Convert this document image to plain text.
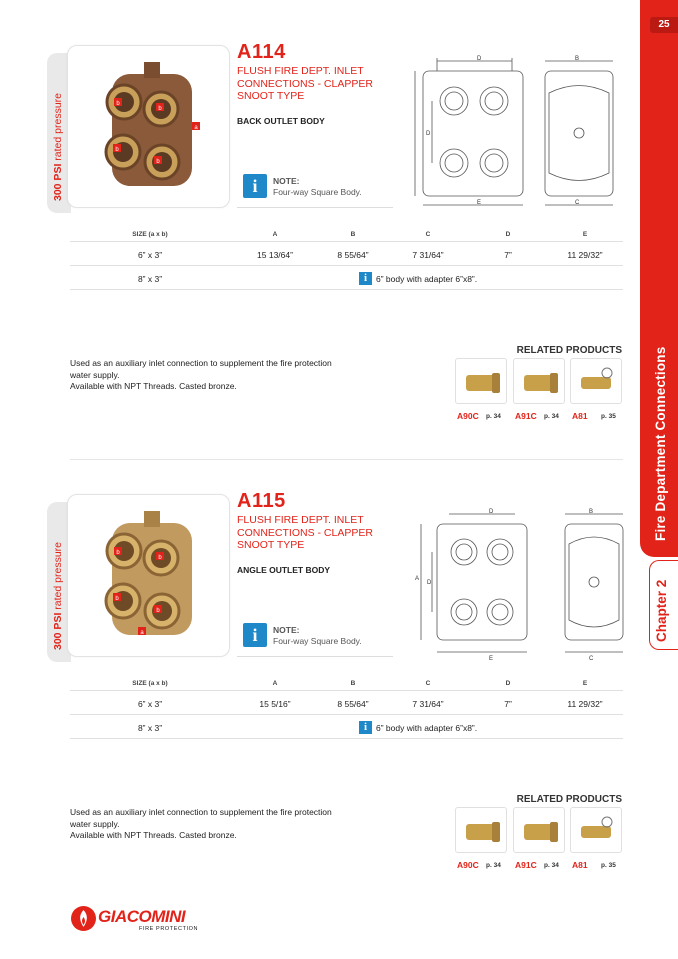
25
Fire Department Connections
Chapter 2
300 PSI rated pressure	b
b
b
b
a
A114
FLUSH FIRE DEPT. INLET CONNECTIONS - CLAPPER SNOOT TYPE
BACK OUTLET BODY
i	NOTE:
Four-way Square Body.
D
D
E
B
C
SIZE (a x b)	A	B	C	D	E
6” x 3”	15 13/64”	8 55/64”	7 31/64”	7”	11 29/32”
8” x 3”	i 6” body with adapter 6”x8”.
Used as an auxiliary inlet connection to supplement the fire protection
water supply.
Available with NPT Threads. Casted bronze.
RELATED PRODUCTS
A90C p. 34 A91C p. 34 A81 p. 35
300 PSI rated pressure	b
b
b
b
a
A115
FLUSH FIRE DEPT. INLET CONNECTIONS - CLAPPER SNOOT TYPE
ANGLE OUTLET BODY
i	NOTE:
Four-way Square Body.
D
A
D
E
B
C
SIZE (a x b)	A	B	C	D	E
6” x 3”	15 5/16”	8 55/64”	7 31/64”	7”	11 29/32”
8” x 3”	i 6” body with adapter 6”x8”.
Used as an auxiliary inlet connection to supplement the fire protection
water supply.
Available with NPT Threads. Casted bronze.
RELATED PRODUCTS
A90C p. 34 A91C p. 34 A81 p. 35
GIACOMINI
FIRE PROTECTION
